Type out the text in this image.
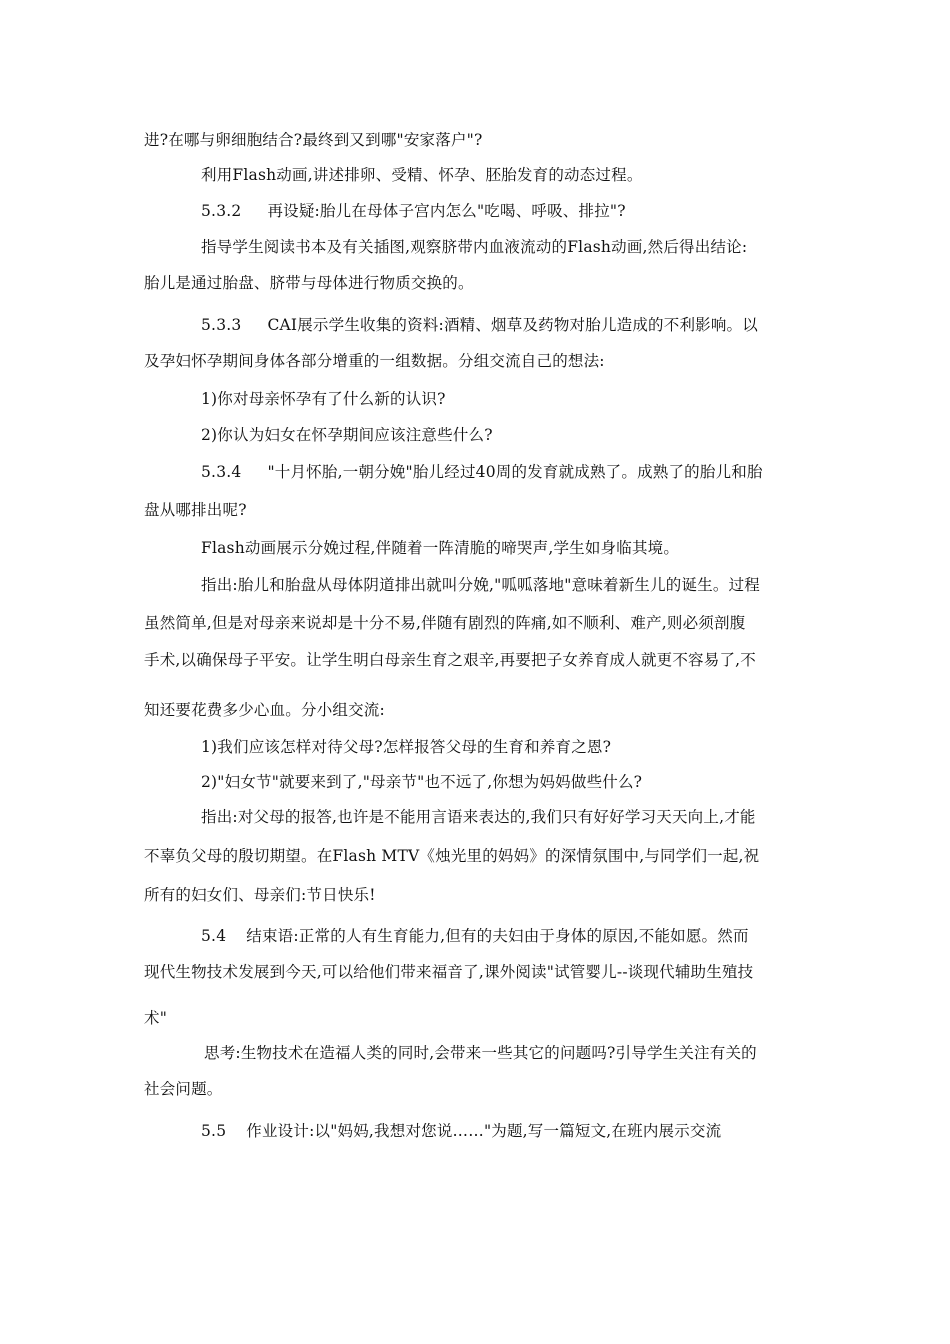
进?在哪与卵细胞结合?最终到又到哪"安家落户"?

利用Flash动画,讲述排卵、受精、怀孕、胚胎发育的动态过程。

5.3.2 再设疑:胎儿在母体子宫内怎么"吃喝、呼吸、排拉"?

指导学生阅读书本及有关插图,观察脐带内血液流动的Flash动画,然后得出结论:

胎儿是通过胎盘、脐带与母体进行物质交换的。

5.3.3 CAI展示学生收集的资料:酒精、烟草及药物对胎儿造成的不利影响。以

及孕妇怀孕期间身体各部分增重的一组数据。分组交流自己的想法:

1)你对母亲怀孕有了什么新的认识?

2)你认为妇女在怀孕期间应该注意些什么?

5.3.4 "十月怀胎,一朝分娩"胎儿经过40周的发育就成熟了。成熟了的胎儿和胎

盘从哪排出呢?

Flash动画展示分娩过程,伴随着一阵清脆的啼哭声,学生如身临其境。

指出:胎儿和胎盘从母体阴道排出就叫分娩,"呱呱落地"意味着新生儿的诞生。过程

虽然简单,但是对母亲来说却是十分不易,伴随有剧烈的阵痛,如不顺利、难产,则必须剖腹

手术,以确保母子平安。让学生明白母亲生育之艰辛,再要把子女养育成人就更不容易了,不

知还要花费多少心血。分小组交流:

1)我们应该怎样对待父母?怎样报答父母的生育和养育之恩?

2)"妇女节"就要来到了,"母亲节"也不远了,你想为妈妈做些什么?

指出:对父母的报答,也许是不能用言语来表达的,我们只有好好学习天天向上,才能

不辜负父母的殷切期望。在Flash MTV《烛光里的妈妈》的深情氛围中,与同学们一起,祝

所有的妇女们、母亲们:节日快乐!

5.4 结束语:正常的人有生育能力,但有的夫妇由于身体的原因,不能如愿。然而

现代生物技术发展到今天,可以给他们带来福音了,课外阅读"试管婴儿--谈现代辅助生殖技

术"

思考:生物技术在造福人类的同时,会带来一些其它的问题吗?引导学生关注有关的

社会问题。

5.5 作业设计:以"妈妈,我想对您说……"为题,写一篇短文,在班内展示交流
